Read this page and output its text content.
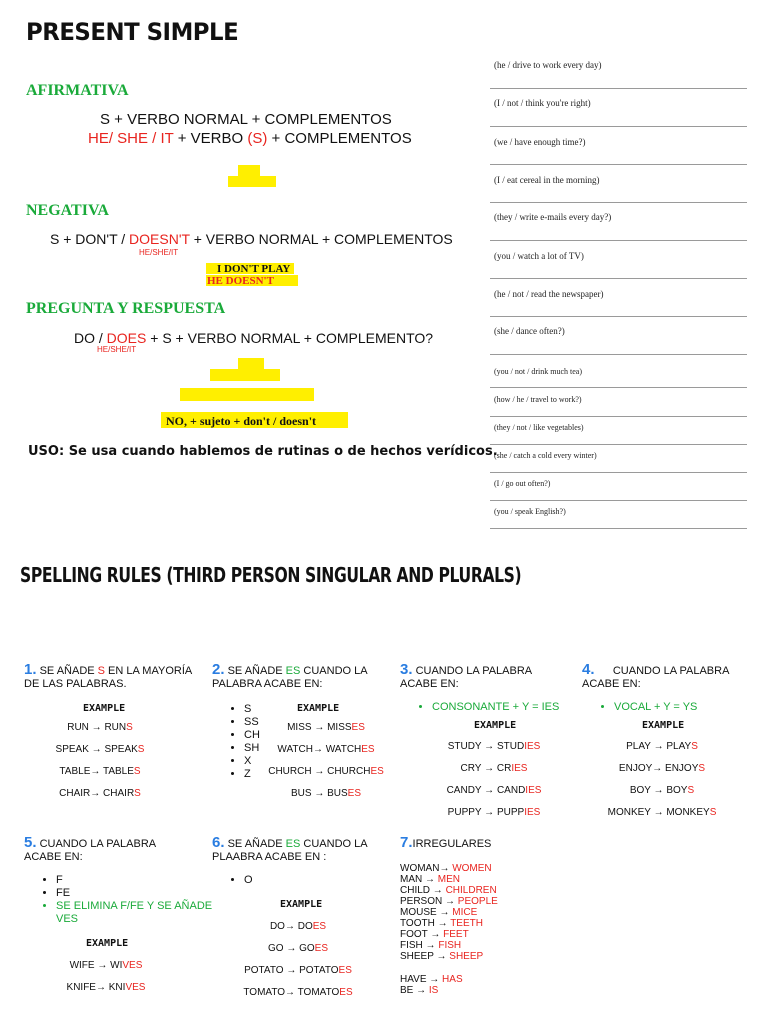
PRESENT SIMPLE
AFIRMATIVA
S + VERBO NORMAL + COMPLEMENTOS
HE/ SHE / IT + VERBO (S) + COMPLEMENTOS
NEGATIVA
S + DON'T / DOESN'T + VERBO NORMAL + COMPLEMENTOS
HE/SHE/IT
I DON'T PLAY
HE DOESN'T
PREGUNTA Y RESPUESTA
DO / DOES + S + VERBO NORMAL + COMPLEMENTO?
HE/SHE/IT
NO, + sujeto + don't / doesn't
USO: Se usa cuando hablemos de rutinas o de hechos verídicos.
(he / drive to work every day)
(I / not / think you're right)
(we / have enough time?)
(I / eat cereal in the morning)
(they / write e-mails every day?)
(you / watch a lot of TV)
(he / not / read the newspaper)
(she / dance often?)
(you / not / drink much tea)
(how / he / travel to work?)
(they / not / like vegetables)
(she / catch a cold every winter)
(I / go out often?)
(you / speak English?)
SPELLING RULES (THIRD PERSON SINGULAR AND PLURALS)
1. SE AÑADE S EN LA MAYORÍA DE LAS PALABRAS.
EXAMPLE
RUN → RUNS
SPEAK → SPEAKS
TABLE→ TABLES
CHAIR→ CHAIRS
2. SE AÑADE ES CUANDO LA PALABRA ACABE EN:
• S
• SS
• CH
• SH
• X
• Z
EXAMPLE
MISS → MISSES
WATCH→ WATCHES
CHURCH → CHURCHES
BUS → BUSES
3. CUANDO LA PALABRA ACABE EN:
• CONSONANTE + Y = IES
EXAMPLE
STUDY → STUDIES
CRY → CRIES
CANDY → CANDIES
PUPPY → PUPPIES
4.      CUANDO LA PALABRA ACABE EN:
• VOCAL + Y = YS
EXAMPLE
PLAY → PLAYS
ENJOY→ ENJOYS
BOY → BOYS
MONKEY → MONKEYS
5. CUANDO LA PALABRA ACABE EN:
• F
• FE
• SE ELIMINA F/FE Y SE AÑADE VES
EXAMPLE
WIFE → WIVES
KNIFE→ KNIVES
6. SE AÑADE ES CUANDO LA PLAABRA ACABE EN :
• O
EXAMPLE
DO→ DOES
GO → GOES
POTATO → POTATOES
TOMATO→ TOMATOES
7.IRREGULARES
WOMAN→ WOMEN
MAN → MEN
CHILD → CHILDREN
PERSON → PEOPLE
MOUSE → MICE
TOOTH → TEETH
FOOT → FEET
FISH → FISH
SHEEP → SHEEP
HAVE → HAS
BE → IS
